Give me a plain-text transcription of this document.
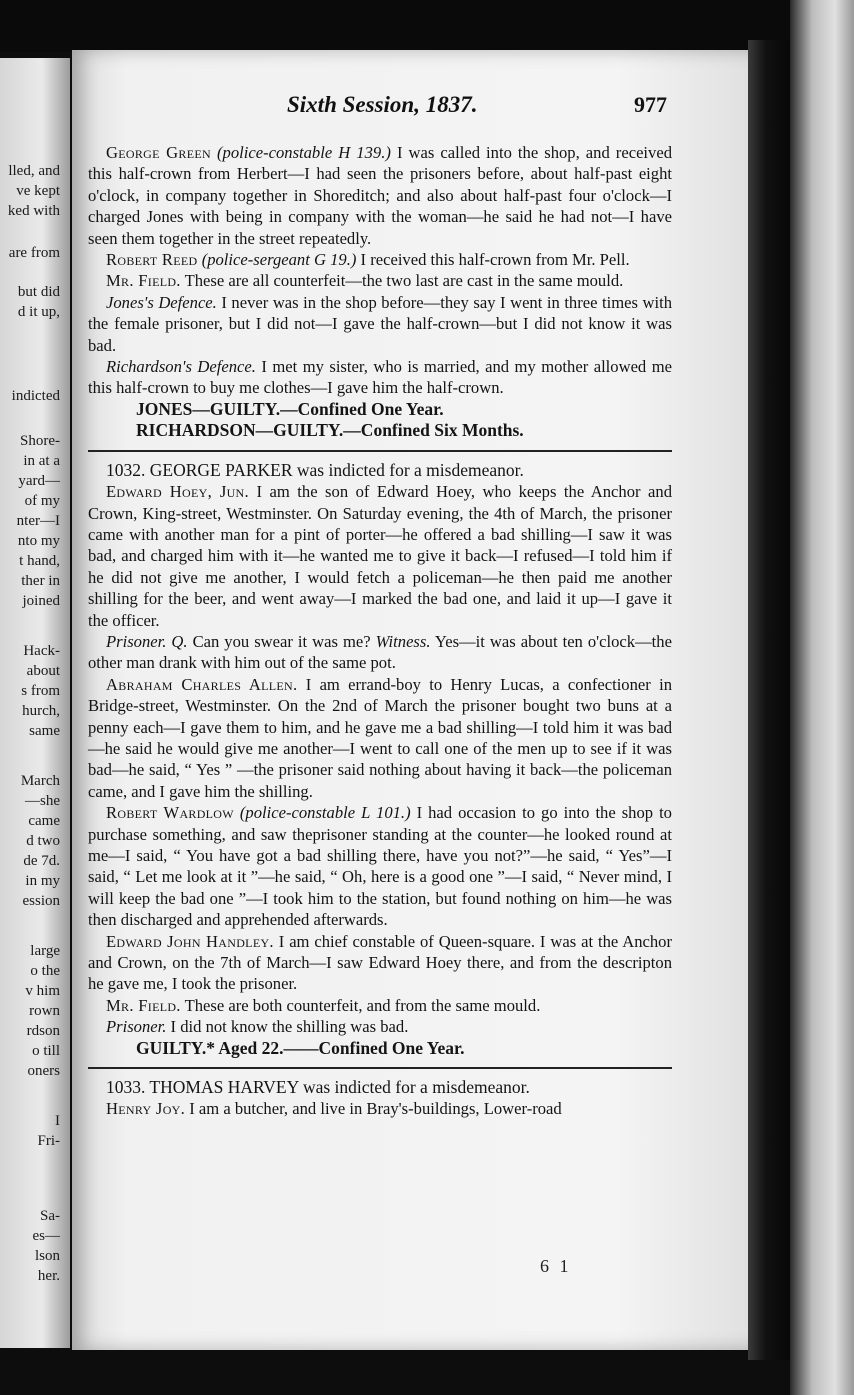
lled, and
ve kept
ked with
are from
but did
d it up,
indicted
Shore-
in at a
yard—
of my
nter—I
nto my
t hand,
ther in
joined
Hack-
about
s from
hurch,
same
March
—she
came
d two
de 7d.
in my
ession
large
o the
v him
rown
rdson
o till
oners
I
Fri-
Sa-
es—
lson
her.
Sixth Session, 1837.	977

George Green (police-constable H 139.) I was called into the shop, and received this half-crown from Herbert—I had seen the prisoners before, about half-past eight o'clock, in company together in Shoreditch; and also about half-past four o'clock—I charged Jones with being in company with the woman—he said he had not—I have seen them together in the street repeatedly.

Robert Reed (police-sergeant G 19.) I received this half-crown from Mr. Pell.

Mr. Field. These are all counterfeit—the two last are cast in the same mould.

Jones's Defence. I never was in the shop before—they say I went in three times with the female prisoner, but I did not—I gave the half-crown—but I did not know it was bad.

Richardson's Defence. I met my sister, who is married, and my mother allowed me this half-crown to buy me clothes—I gave him the half-crown.

JONES—GUILTY.—Confined One Year.

RICHARDSON—GUILTY.—Confined Six Months.

1032. GEORGE PARKER was indicted for a misdemeanor.

Edward Hoey, Jun. I am the son of Edward Hoey, who keeps the Anchor and Crown, King-street, Westminster. On Saturday evening, the 4th of March, the prisoner came with another man for a pint of porter—he offered a bad shilling—I saw it was bad, and charged him with it—he wanted me to give it back—I refused—I told him if he did not give me another, I would fetch a policeman—he then paid me another shilling for the beer, and went away—I marked the bad one, and laid it up—I gave it the officer.

Prisoner. Q. Can you swear it was me? Witness. Yes—it was about ten o'clock—the other man drank with him out of the same pot.

Abraham Charles Allen. I am errand-boy to Henry Lucas, a confectioner in Bridge-street, Westminster. On the 2nd of March the prisoner bought two buns at a penny each—I gave them to him, and he gave me a bad shilling—I told him it was bad—he said he would give me another—I went to call one of the men up to see if it was bad—he said, “ Yes ” —the prisoner said nothing about having it back—the policeman came, and I gave him the shilling.

Robert Wardlow (police-constable L 101.) I had occasion to go into the shop to purchase something, and saw theprisoner standing at the counter—he looked round at me—I said, “ You have got a bad shilling there, have you not?”—he said, “ Yes”—I said, “ Let me look at it ”—he said, “ Oh, here is a good one ”—I said, “ Never mind, I will keep the bad one ”—I took him to the station, but found nothing on him—he was then discharged and apprehended afterwards.

Edward John Handley. I am chief constable of Queen-square. I was at the Anchor and Crown, on the 7th of March—I saw Edward Hoey there, and from the descripton he gave me, I took the prisoner.

Mr. Field. These are both counterfeit, and from the same mould.

Prisoner. I did not know the shilling was bad.

GUILTY.* Aged 22.——Confined One Year.

1033. THOMAS HARVEY was indicted for a misdemeanor.

Henry Joy. I am a butcher, and live in Bray's-buildings, Lower-road

6 1
